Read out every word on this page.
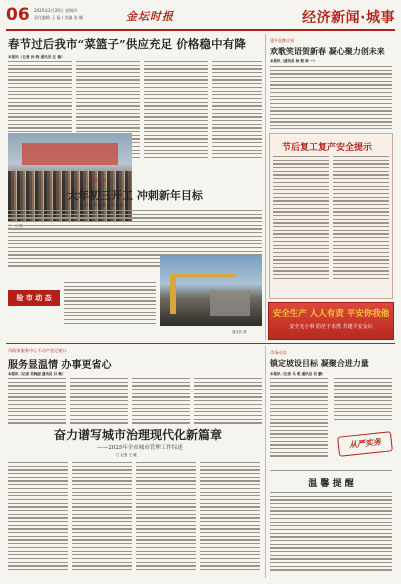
06 2025年2月20日 星期四
责任编辑 王 磊 / 美编 张 颖	金坛时报	经济新闻·城事
春节过后我市“菜篮子”供应充足 价格稳中有降
本报讯（记者 孙 晓 通讯员 汪 楠）
建平品牌计划
欢歌笑语贺新春 凝心聚力创未来
本报讯（通讯员 杨 朝 林 一）
节后复工复产安全提示
国资企业
大年初三开工 冲刺新年目标
□ 记 者 刘 波 通 讯 员 张 强
检 市 动 态
通讯员 摄
安全生产 人人有责 平安你我他
安全无小事 防范于未然 共建平安金坛
市政务服务中心不动产登记窗口
服务显温情 办事更省心
本报讯（记者 吴晓丽 通讯员 吕 敏）
奋力谱写城市治理现代化新篇章
——2025年全市城市管理工作综述
□ 记者 王 晓
市场动态
镇定坡设目标 凝聚合进力量
本报讯（记者 马 明 通讯员 吴 鹏）
从严实务
温 馨 提 醒
